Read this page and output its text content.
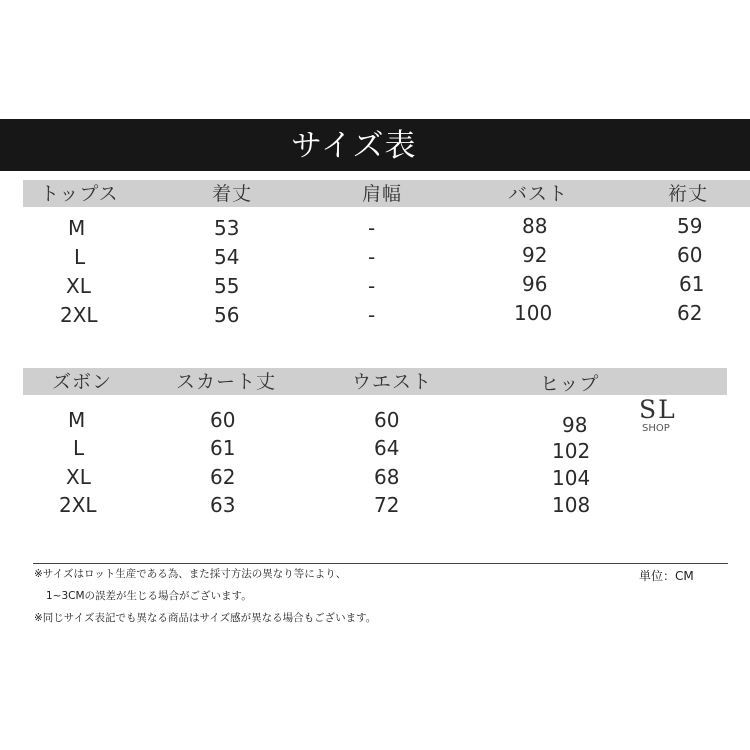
サイズ表
トップス	着丈	肩幅	バスト	裄丈
M	53	-	88	59
L	54	-	92	60
XL	55	-	96	61
2XL	56	-	100	62
ズボン	スカート丈	ウエスト	ヒップ
M	60	60	98
L	61	64	102
XL	62	68	104
2XL	63	72	108
SL
SHOP
※サイズはロット生産である為、また採寸方法の異なり等により、
1~3CMの誤差が生じる場合がございます。
※同じサイズ表記でも異なる商品はサイズ感が異なる場合もございます。
単位：CM
